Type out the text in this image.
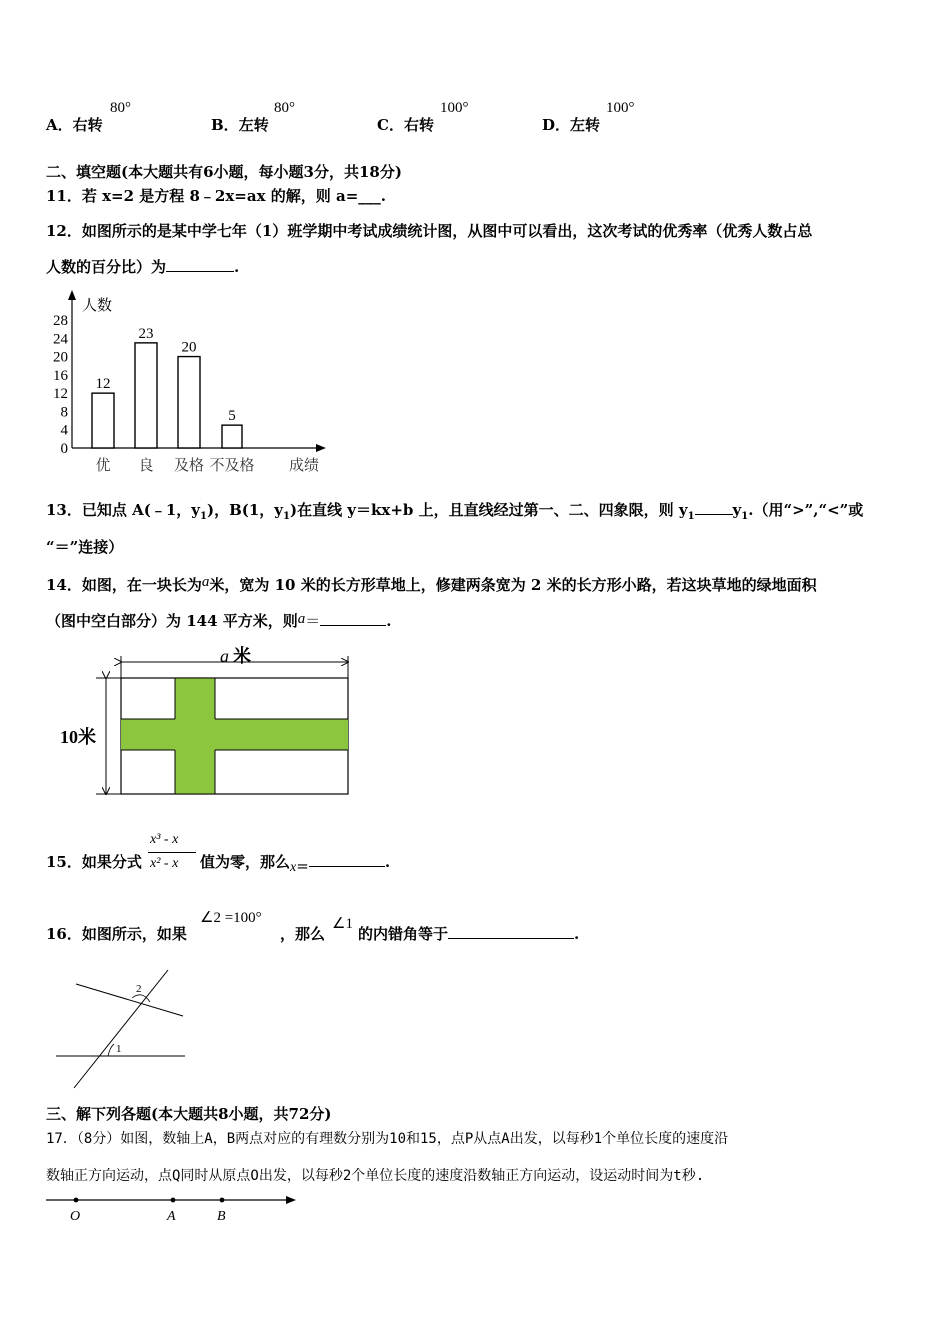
A．右转
80°
B．左转
80°
C．右转
100°
D．左转
100°
二、填空题(本大题共有6小题，每小题3分，共18分)
11．若 x=2 是方程 8﹣2x=ax 的解，则 a=___.
12．如图所示的是某中学七年（1）班学期中考试成绩统计图，从图中可以看出，这次考试的优秀率（优秀人数占总
人数的百分比）为	.
人数
0
4
8
12
16
20
24
28
12
优
23
良
20
及格
5
不及格 成绩
13．已知点 A(﹣1，$y_1$)，B(1，$y_1$)在直线 y＝kx+b 上，且直线经过第一、二、四象限，则 $y_1$	$y_1$.（用“>”,“<”或
“＝”连接）
14．如图，在一块长为a米，宽为 10 米的长方形草地上，修建两条宽为 2 米的长方形小路，若这块草地的绿地面积
（图中空白部分）为 144 平方米，则a＝	.
a 米
10米
15．如果分式
x³ - x
x² - x 值为零，那么x=	.
16．如图所示，如果
∠2 =100°
，那么
∠1
的内错角等于	.
2
1
三、解下列各题(本大题共8小题，共72分)
17．（8分）如图，数轴上A，B两点对应的有理数分别为10和15，点P从点A出发，以每秒1个单位长度的速度沿
数轴正方向运动，点Q同时从原点O出发，以每秒2个单位长度的速度沿数轴正方向运动，设运动时间为t秒.
O	A	B
